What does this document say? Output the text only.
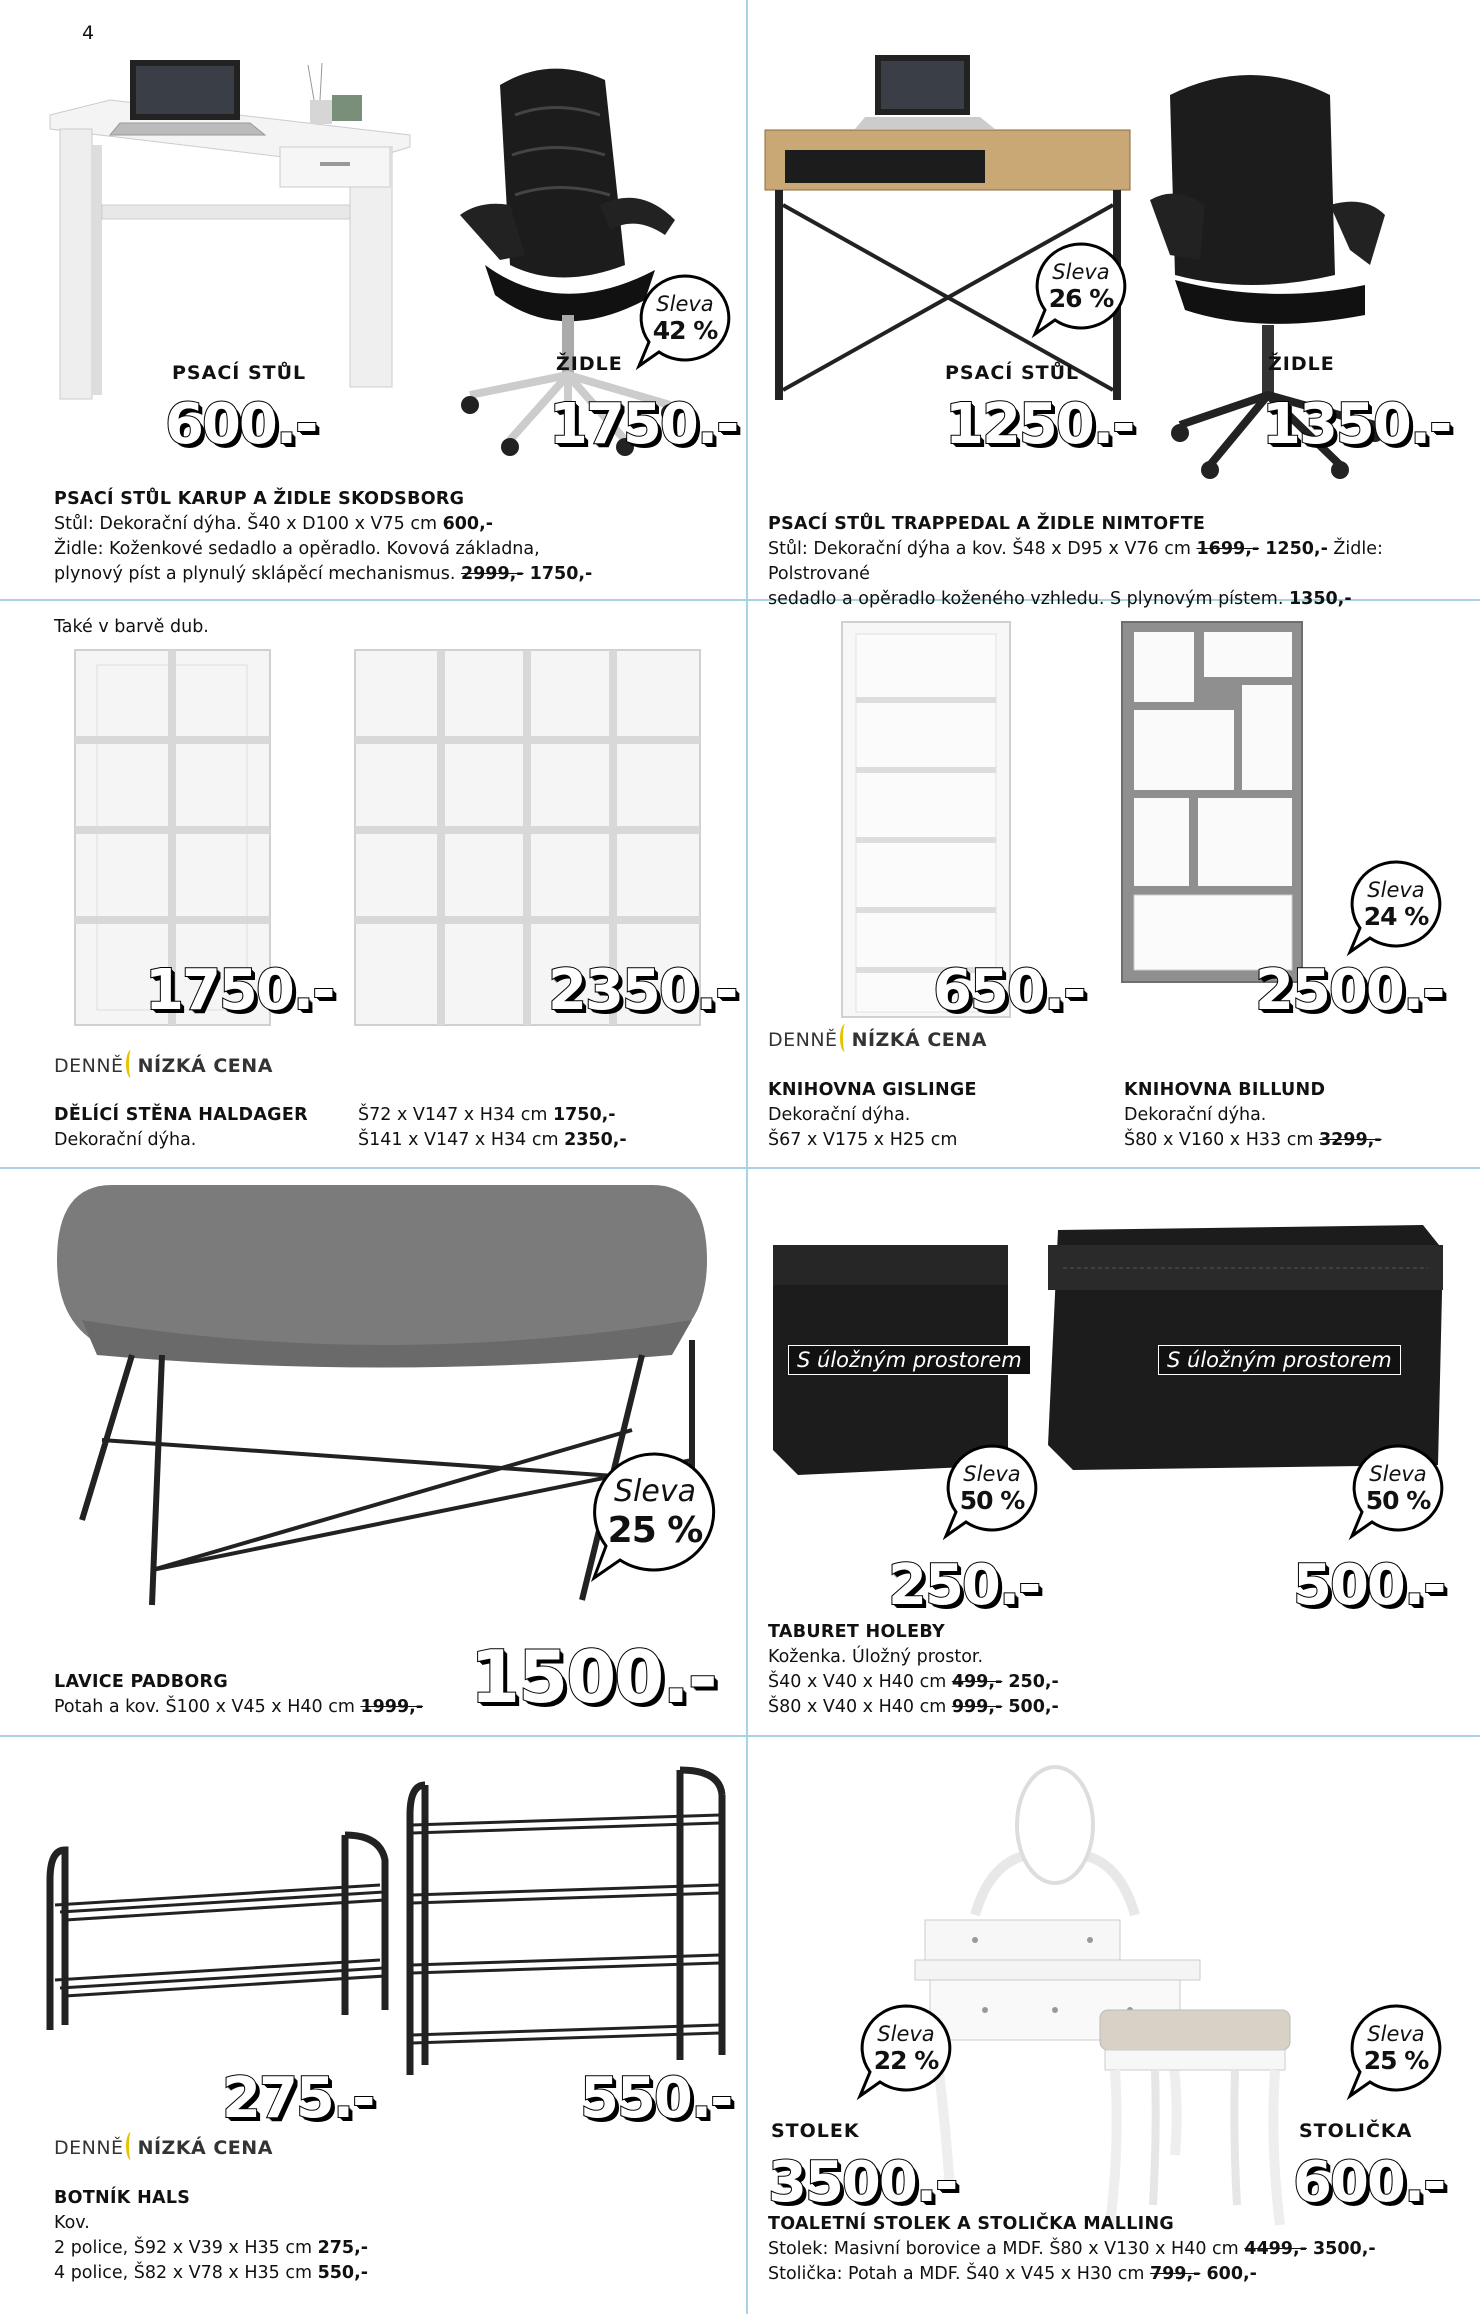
4
PSACÍ STŮL
600.-
ŽIDLE
1750.-
Sleva
42 %
PSACÍ STŮL KARUP A ŽIDLE SKODSBORG
Stůl: Dekorační dýha. Š40 x D100 x V75 cm 600,-
Židle: Koženkové sedadlo a opěradlo. Kovová základna,
plynový píst a plynulý sklápěcí mechanismus. 2999,- 1750,-
PSACÍ STŮL
1250.-
ŽIDLE
1350.-
Sleva
26 %
PSACÍ STŮL TRAPPEDAL A ŽIDLE NIMTOFTE
Stůl: Dekorační dýha a kov. Š48 x D95 x V76 cm 1699,- 1250,- Židle: Polstrované
sedadlo a opěradlo koženého vzhledu. S plynovým pístem. 1350,-
Také v barvě dub.
1750.-	2350.-
DENNĚ NÍZKÁ CENA
DĚLÍCÍ STĚNA HALDAGER
Dekorační dýha.
Š72 x V147 x H34 cm 1750,-
Š141 x V147 x H34 cm 2350,-
650.-	2500.-
Sleva
24 %
DENNĚ NÍZKÁ CENA
KNIHOVNA GISLINGE
Dekorační dýha.
Š67 x V175 x H25 cm
KNIHOVNA BILLUND
Dekorační dýha.
Š80 x V160 x H33 cm 3299,-
1500.-
Sleva
25 %
LAVICE PADBORG
Potah a kov. Š100 x V45 x H40 cm 1999,-
S úložným prostorem	S úložným prostorem
250.-	500.-
Sleva
50 %
Sleva
50 %
TABURET HOLEBY
Koženka. Úložný prostor.
Š40 x V40 x H40 cm 499,- 250,-
Š80 x V40 x H40 cm 999,- 500,-
275.-	550.-
DENNĚ NÍZKÁ CENA
BOTNÍK HALS
Kov.
2 police, Š92 x V39 x H35 cm 275,-
4 police, Š82 x V78 x H35 cm 550,-
STOLEK
3500.-
STOLIČKA
600.-
Sleva
22 %
Sleva
25 %
TOALETNÍ STOLEK A STOLIČKA MALLING
Stolek: Masivní borovice a MDF. Š80 x V130 x H40 cm 4499,- 3500,-
Stolička: Potah a MDF. Š40 x V45 x H30 cm 799,- 600,-
